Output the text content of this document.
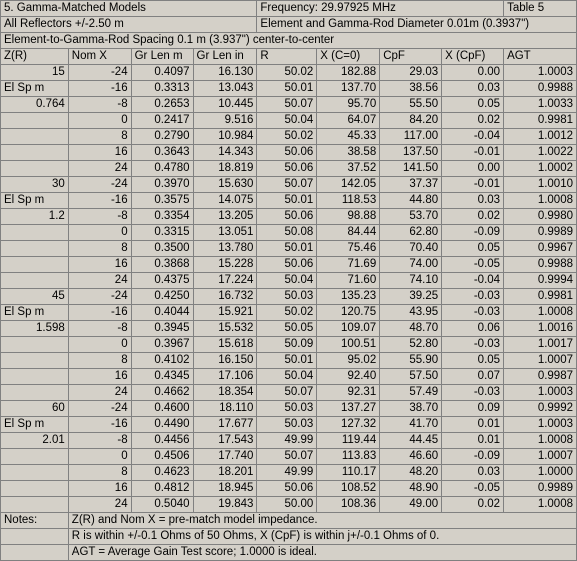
5. Gamma-Matched Models				Frequency: 29.97925 MHz				Table 5
All Reflectors +/-2.50 m				Element and Gamma-Rod Diameter 0.01m (0.3937")				
Element-to-Gamma-Rod Spacing 0.1 m (3.937") center-to-center								
Z(R)	Nom X	Gr Len m	Gr Len in	R	X (C=0)	CpF	X (CpF)	AGT
15	-24	0.4097	16.130	50.02	182.88	29.03	0.00	1.0003
El Sp m	-16	0.3313	13.043	50.01	137.70	38.56	0.03	0.9988
0.764	-8	0.2653	10.445	50.07	95.70	55.50	0.05	1.0033
	0	0.2417	9.516	50.04	64.07	84.20	0.02	0.9981
	8	0.2790	10.984	50.02	45.33	117.00	-0.04	1.0012
	16	0.3643	14.343	50.06	38.58	137.50	-0.01	1.0022
	24	0.4780	18.819	50.06	37.52	141.50	0.00	1.0002
30	-24	0.3970	15.630	50.07	142.05	37.37	-0.01	1.0010
El Sp m	-16	0.3575	14.075	50.01	118.53	44.80	0.03	1.0008
1.2	-8	0.3354	13.205	50.06	98.88	53.70	0.02	0.9980
	0	0.3315	13.051	50.08	84.44	62.80	-0.09	0.9989
	8	0.3500	13.780	50.01	75.46	70.40	0.05	0.9967
	16	0.3868	15.228	50.06	71.69	74.00	-0.05	0.9988
	24	0.4375	17.224	50.04	71.60	74.10	-0.04	0.9994
45	-24	0.4250	16.732	50.03	135.23	39.25	-0.03	0.9981
El Sp m	-16	0.4044	15.921	50.02	120.75	43.95	-0.03	1.0008
1.598	-8	0.3945	15.532	50.05	109.07	48.70	0.06	1.0016
	0	0.3967	15.618	50.09	100.51	52.80	-0.03	1.0017
	8	0.4102	16.150	50.01	95.02	55.90	0.05	1.0007
	16	0.4345	17.106	50.04	92.40	57.50	0.07	0.9987
	24	0.4662	18.354	50.07	92.31	57.49	-0.03	1.0003
60	-24	0.4600	18.110	50.03	137.27	38.70	0.09	0.9992
El Sp m	-16	0.4490	17.677	50.03	127.32	41.70	0.01	1.0003
2.01	-8	0.4456	17.543	49.99	119.44	44.45	0.01	1.0008
	0	0.4506	17.740	50.07	113.83	46.60	-0.09	1.0007
	8	0.4623	18.201	49.99	110.17	48.20	0.03	1.0000
	16	0.4812	18.945	50.06	108.52	48.90	-0.05	0.9989
	24	0.5040	19.843	50.00	108.36	49.00	0.02	1.0008
Notes:	Z(R) and Nom X = pre-match model impedance.							
	R is within +/-0.1 Ohms of 50 Ohms, X (CpF) is within j+/-0.1 Ohms of 0.							
	AGT = Average Gain Test score; 1.0000 is ideal.							
